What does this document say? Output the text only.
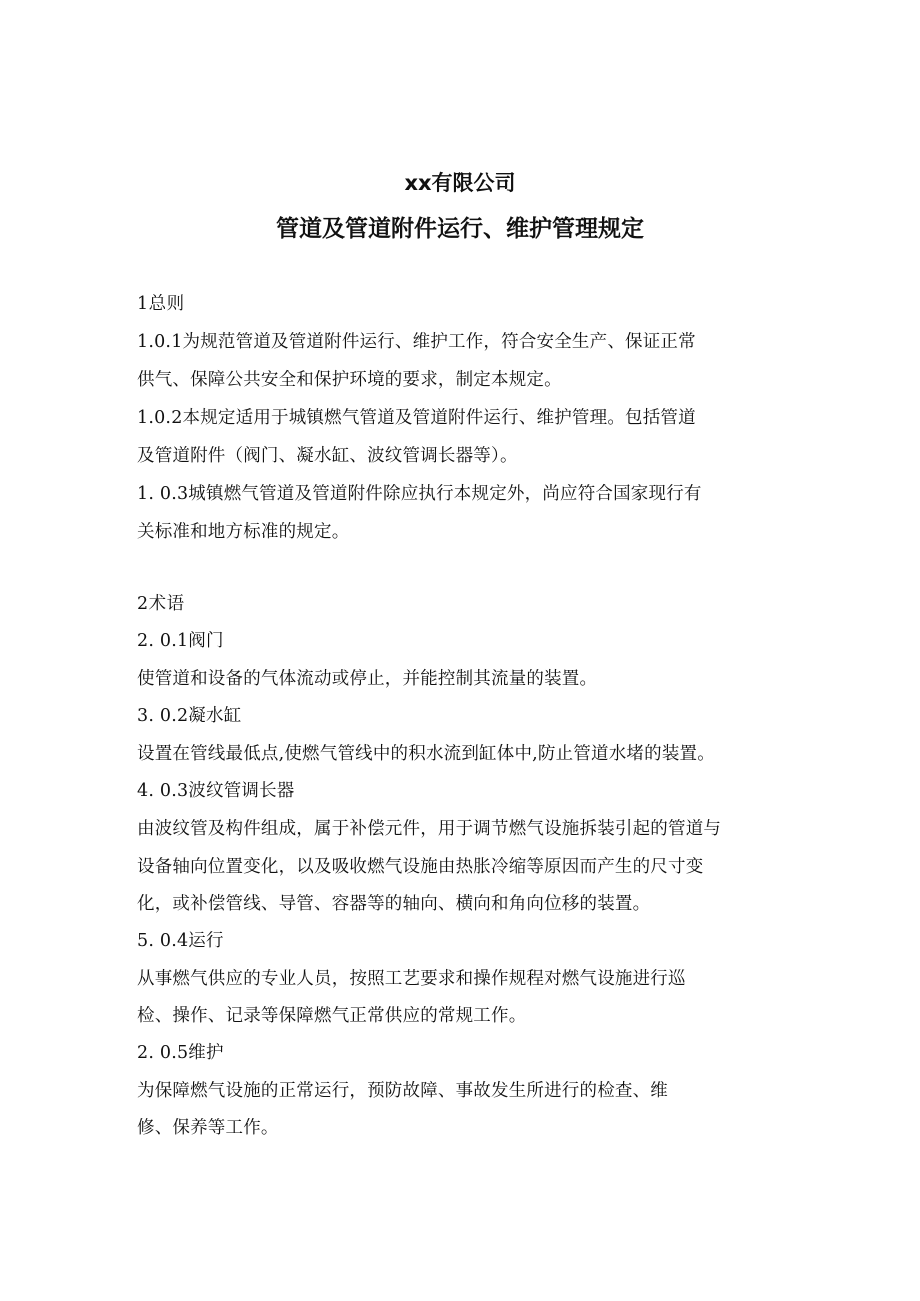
xx有限公司
管道及管道附件运行、维护管理规定
1总则
1.0.1为规范管道及管道附件运行、维护工作，符合安全生产、保证正常
供气、保障公共安全和保护环境的要求，制定本规定。
1.0.2本规定适用于城镇燃气管道及管道附件运行、维护管理。包括管道
及管道附件（阀门、凝水缸、波纹管调长器等）。
1. 0.3城镇燃气管道及管道附件除应执行本规定外，尚应符合国家现行有
关标准和地方标准的规定。
2术语
2. 0.1阀门
使管道和设备的气体流动或停止，并能控制其流量的装置。
3. 0.2凝水缸
设置在管线最低点,使燃气管线中的积水流到缸体中,防止管道水堵的装置。
4. 0.3波纹管调长器
由波纹管及构件组成，属于补偿元件，用于调节燃气设施拆装引起的管道与
设备轴向位置变化，以及吸收燃气设施由热胀冷缩等原因而产生的尺寸变
化，或补偿管线、导管、容器等的轴向、横向和角向位移的装置。
5. 0.4运行
从事燃气供应的专业人员，按照工艺要求和操作规程对燃气设施进行巡
检、操作、记录等保障燃气正常供应的常规工作。
2. 0.5维护
为保障燃气设施的正常运行，预防故障、事故发生所进行的检查、维
修、保养等工作。
